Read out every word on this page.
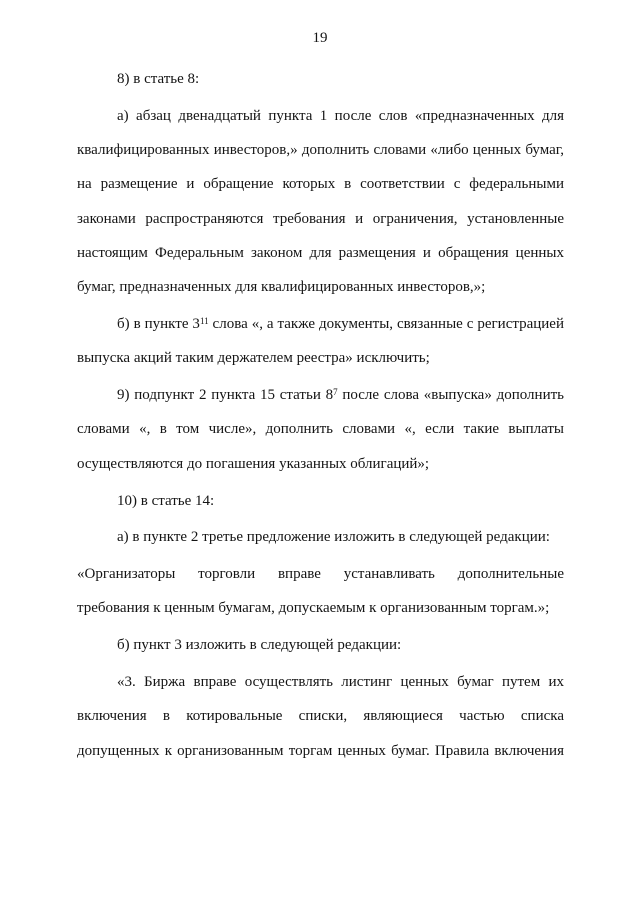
19

8) в статье 8:

а) абзац двенадцатый пункта 1 после слов «предназначенных для квалифицированных инвесторов,» дополнить словами «либо ценных бумаг, на размещение и обращение которых в соответствии с федеральными законами распространяются требования и ограничения, установленные настоящим Федеральным законом для размещения и обращения ценных бумаг, предназначенных для квалифицированных инвесторов,»;

б) в пункте $3^{11}$ слова «, а также документы, связанные с регистрацией выпуска акций таким держателем реестра» исключить;

9) подпункт 2 пункта 15 статьи $8^7$ после слова «выпуска» дополнить словами «, в том числе», дополнить словами «, если такие выплаты осуществляются до погашения указанных облигаций»;

10) в статье 14:

а) в пункте 2 третье предложение изложить в следующей редакции:

«Организаторы торговли вправе устанавливать дополнительные требования к ценным бумагам, допускаемым к организованным торгам.»;

б) пункт 3 изложить в следующей редакции:

«3. Биржа вправе осуществлять листинг ценных бумаг путем их включения в котировальные списки, являющиеся частью списка допущенных к организованным торгам ценных бумаг. Правила включения
